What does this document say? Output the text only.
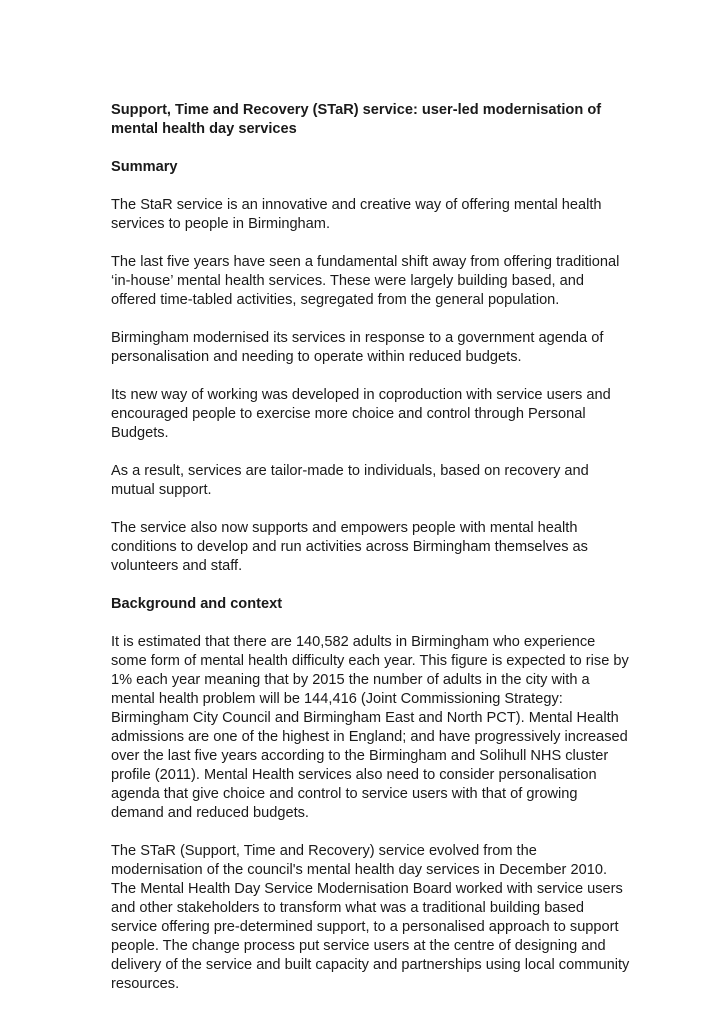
Support, Time and Recovery (STaR) service: user-led modernisation of mental health day services
Summary

The StaR service is an innovative and creative way of offering mental health services to people in Birmingham.

The last five years have seen a fundamental shift away from offering traditional ‘in-house’ mental health services. These were largely building based, and offered time-tabled activities, segregated from the general population.

Birmingham modernised its services in response to a government agenda of personalisation and needing to operate within reduced budgets.

Its new way of working was developed in coproduction with service users and encouraged people to exercise more choice and control through Personal Budgets.

As a result, services are tailor-made to individuals, based on recovery and mutual support.

The service also now supports and empowers people with mental health conditions to develop and run activities across Birmingham themselves as volunteers and staff.

Background and context

It is estimated that there are 140,582 adults in Birmingham who experience some form of mental health difficulty each year. This figure is expected to rise by 1% each year meaning that by 2015 the number of adults in the city with a mental health problem will be 144,416 (Joint Commissioning Strategy: Birmingham City Council and Birmingham East and North PCT). Mental Health admissions are one of the highest in England; and have progressively increased over the last five years according to the Birmingham and Solihull NHS cluster profile (2011). Mental Health services also need to consider personalisation agenda that give choice and control to service users with that of growing demand and reduced budgets.

The STaR (Support, Time and Recovery) service evolved from the modernisation of the council's mental health day services in December 2010. The Mental Health Day Service Modernisation Board worked with service users and other stakeholders to transform what was a traditional building based service offering pre-determined support, to a personalised approach to support people. The change process put service users at the centre of designing and delivery of the service and built capacity and partnerships using local community resources.
